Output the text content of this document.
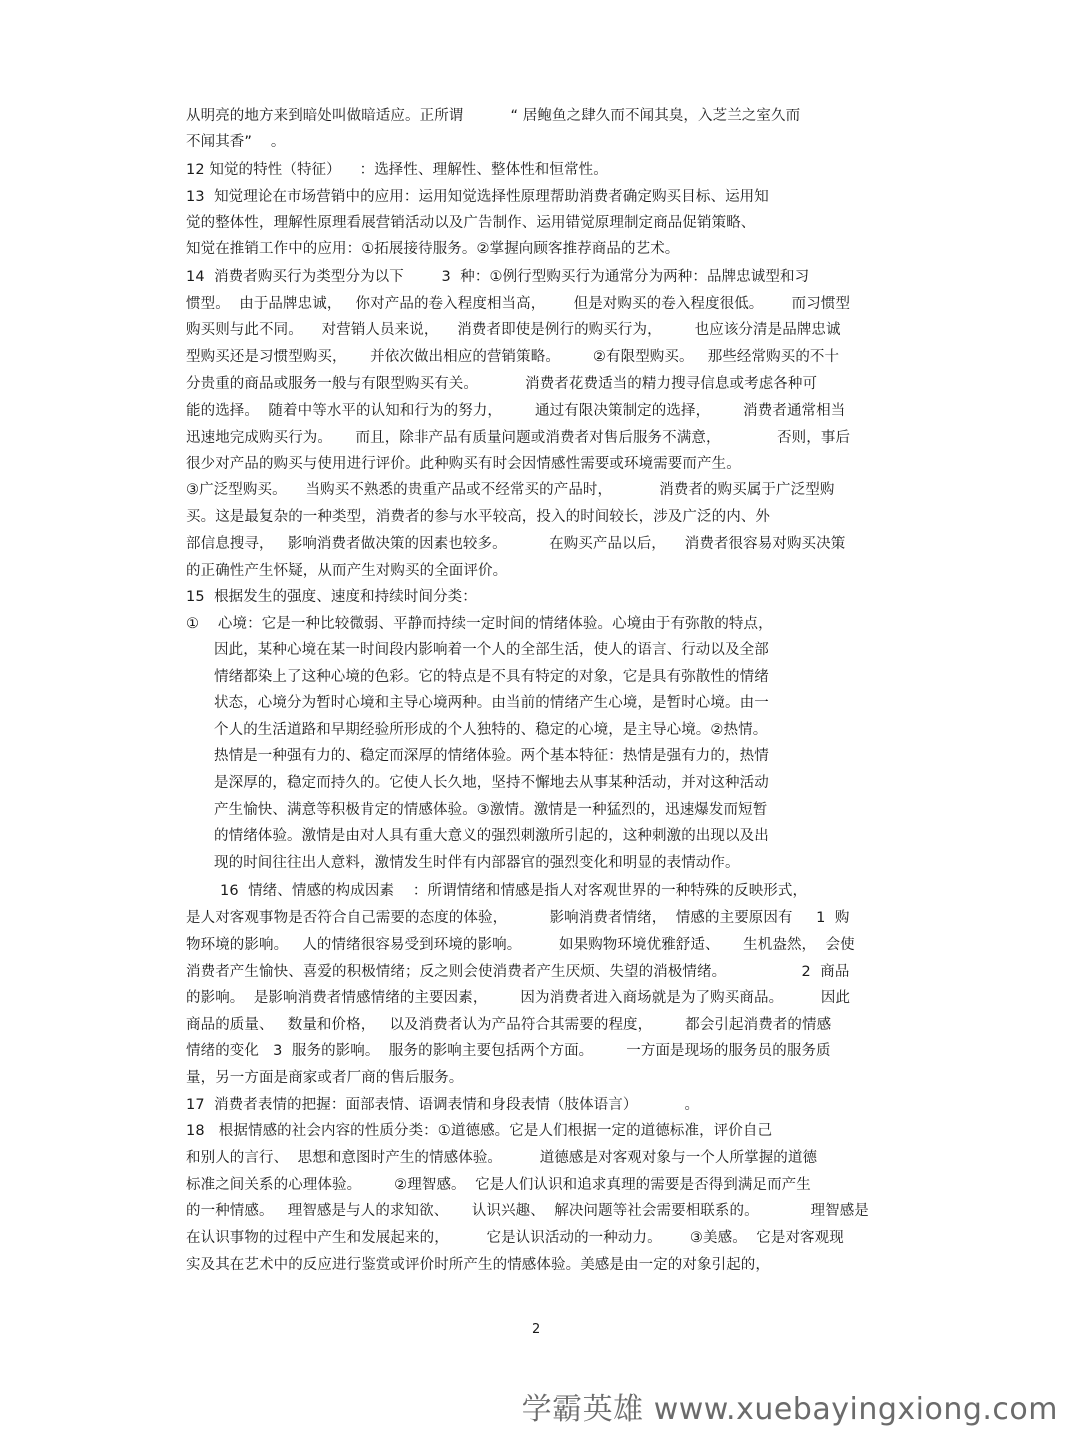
从明亮的地方来到暗处叫做暗适应。正所谓          “ 居鲍鱼之肆久而不闻其臭，入芝兰之室久而
不闻其香”    。
12 知觉的特性（特征）    ：选择性、理解性、整体性和恒常性。
13  知觉理论在市场营销中的应用：运用知觉选择性原理帮助消费者确定购买目标、运用知
觉的整体性，理解性原理看展营销活动以及广告制作、运用错觉原理制定商品促销策略、
知觉在推销工作中的应用：①拓展接待服务。②掌握向顾客推荐商品的艺术。
14  消费者购买行为类型分为以下        3  种：①例行型购买行为通常分为两种：品牌忠诚型和习
惯型。  由于品牌忠诚，   你对产品的卷入程度相当高，      但是对购买的卷入程度很低。      而习惯型
购买则与此不同。    对营销人员来说，    消费者即使是例行的购买行为，       也应该分清是品牌忠诚
型购买还是习惯型购买，     并依次做出相应的营销策略。       ②有限型购买。   那些经常购买的不十
分贵重的商品或服务一般与有限型购买有关。          消费者花费适当的精力搜寻信息或考虑各种可
能的选择。  随着中等水平的认知和行为的努力，       通过有限决策制定的选择，       消费者通常相当
迅速地完成购买行为。     而且，除非产品有质量问题或消费者对售后服务不满意，            否则，事后
很少对产品的购买与使用进行评价。此种购买有时会因情感性需要或环境需要而产生。
③广泛型购买。    当购买不熟悉的贵重产品或不经常买的产品时，          消费者的购买属于广泛型购
买。这是最复杂的一种类型，消费者的参与水平较高，投入的时间较长，涉及广泛的内、外
部信息搜寻，   影响消费者做决策的因素也较多。         在购买产品以后，    消费者很容易对购买决策
的正确性产生怀疑，从而产生对购买的全面评价。
15  根据发生的强度、速度和持续时间分类：
①    心境：它是一种比较微弱、平静而持续一定时间的情绪体验。心境由于有弥散的特点，
因此，某种心境在某一时间段内影响着一个人的全部生活，使人的语言、行动以及全部
情绪都染上了这种心境的色彩。它的特点是不具有特定的对象，它是具有弥散性的情绪
状态，心境分为暂时心境和主导心境两种。由当前的情绪产生心境，是暂时心境。由一
个人的生活道路和早期经验所形成的个人独特的、稳定的心境，是主导心境。②热情。
热情是一种强有力的、稳定而深厚的情绪体验。两个基本特征：热情是强有力的，热情
是深厚的，稳定而持久的。它使人长久地，坚持不懈地去从事某种活动，并对这种活动
产生愉快、满意等积极肯定的情感体验。③激情。激情是一种猛烈的，迅速爆发而短暂
的情绪体验。激情是由对人具有重大意义的强烈刺激所引起的，这种刺激的出现以及出
现的时间往往出人意料，激情发生时伴有内部器官的强烈变化和明显的表情动作。
16  情绪、情感的构成因素    ：所谓情绪和情感是指人对客观世界的一种特殊的反映形式，
是人对客观事物是否符合自己需要的态度的体验，         影响消费者情绪，  情感的主要原因有     1  购
物环境的影响。   人的情绪很容易受到环境的影响。        如果购物环境优雅舒适、     生机盎然，  会使
消费者产生愉快、喜爱的积极情绪；反之则会使消费者产生厌烦、失望的消极情绪。                2  商品
的影响。  是影响消费者情感情绪的主要因素，       因为消费者进入商场就是为了购买商品。        因此
商品的质量、   数量和价格，   以及消费者认为产品符合其需要的程度，       都会引起消费者的情感
情绪的变化   3  服务的影响。  服务的影响主要包括两个方面。       一方面是现场的服务员的服务质
量，另一方面是商家或者厂商的售后服务。
17  消费者表情的把握：面部表情、语调表情和身段表情（肢体语言）          。
18   根据情感的社会内容的性质分类：①道德感。它是人们根据一定的道德标准，评价自己
和别人的言行、  思想和意图时产生的情感体验。        道德感是对客观对象与一个人所掌握的道德
标准之间关系的心理体验。       ②理智感。  它是人们认识和追求真理的需要是否得到满足而产生
的一种情感。   理智感是与人的求知欲、     认识兴趣、  解决问题等社会需要相联系的。           理智感是
在认识事物的过程中产生和发展起来的，        它是认识活动的一种动力。      ③美感。  它是对客观现
实及其在艺术中的反应进行鉴赏或评价时所产生的情感体验。美感是由一定的对象引起的，
2
学霸英雄 www.xuebayingxiong.com
